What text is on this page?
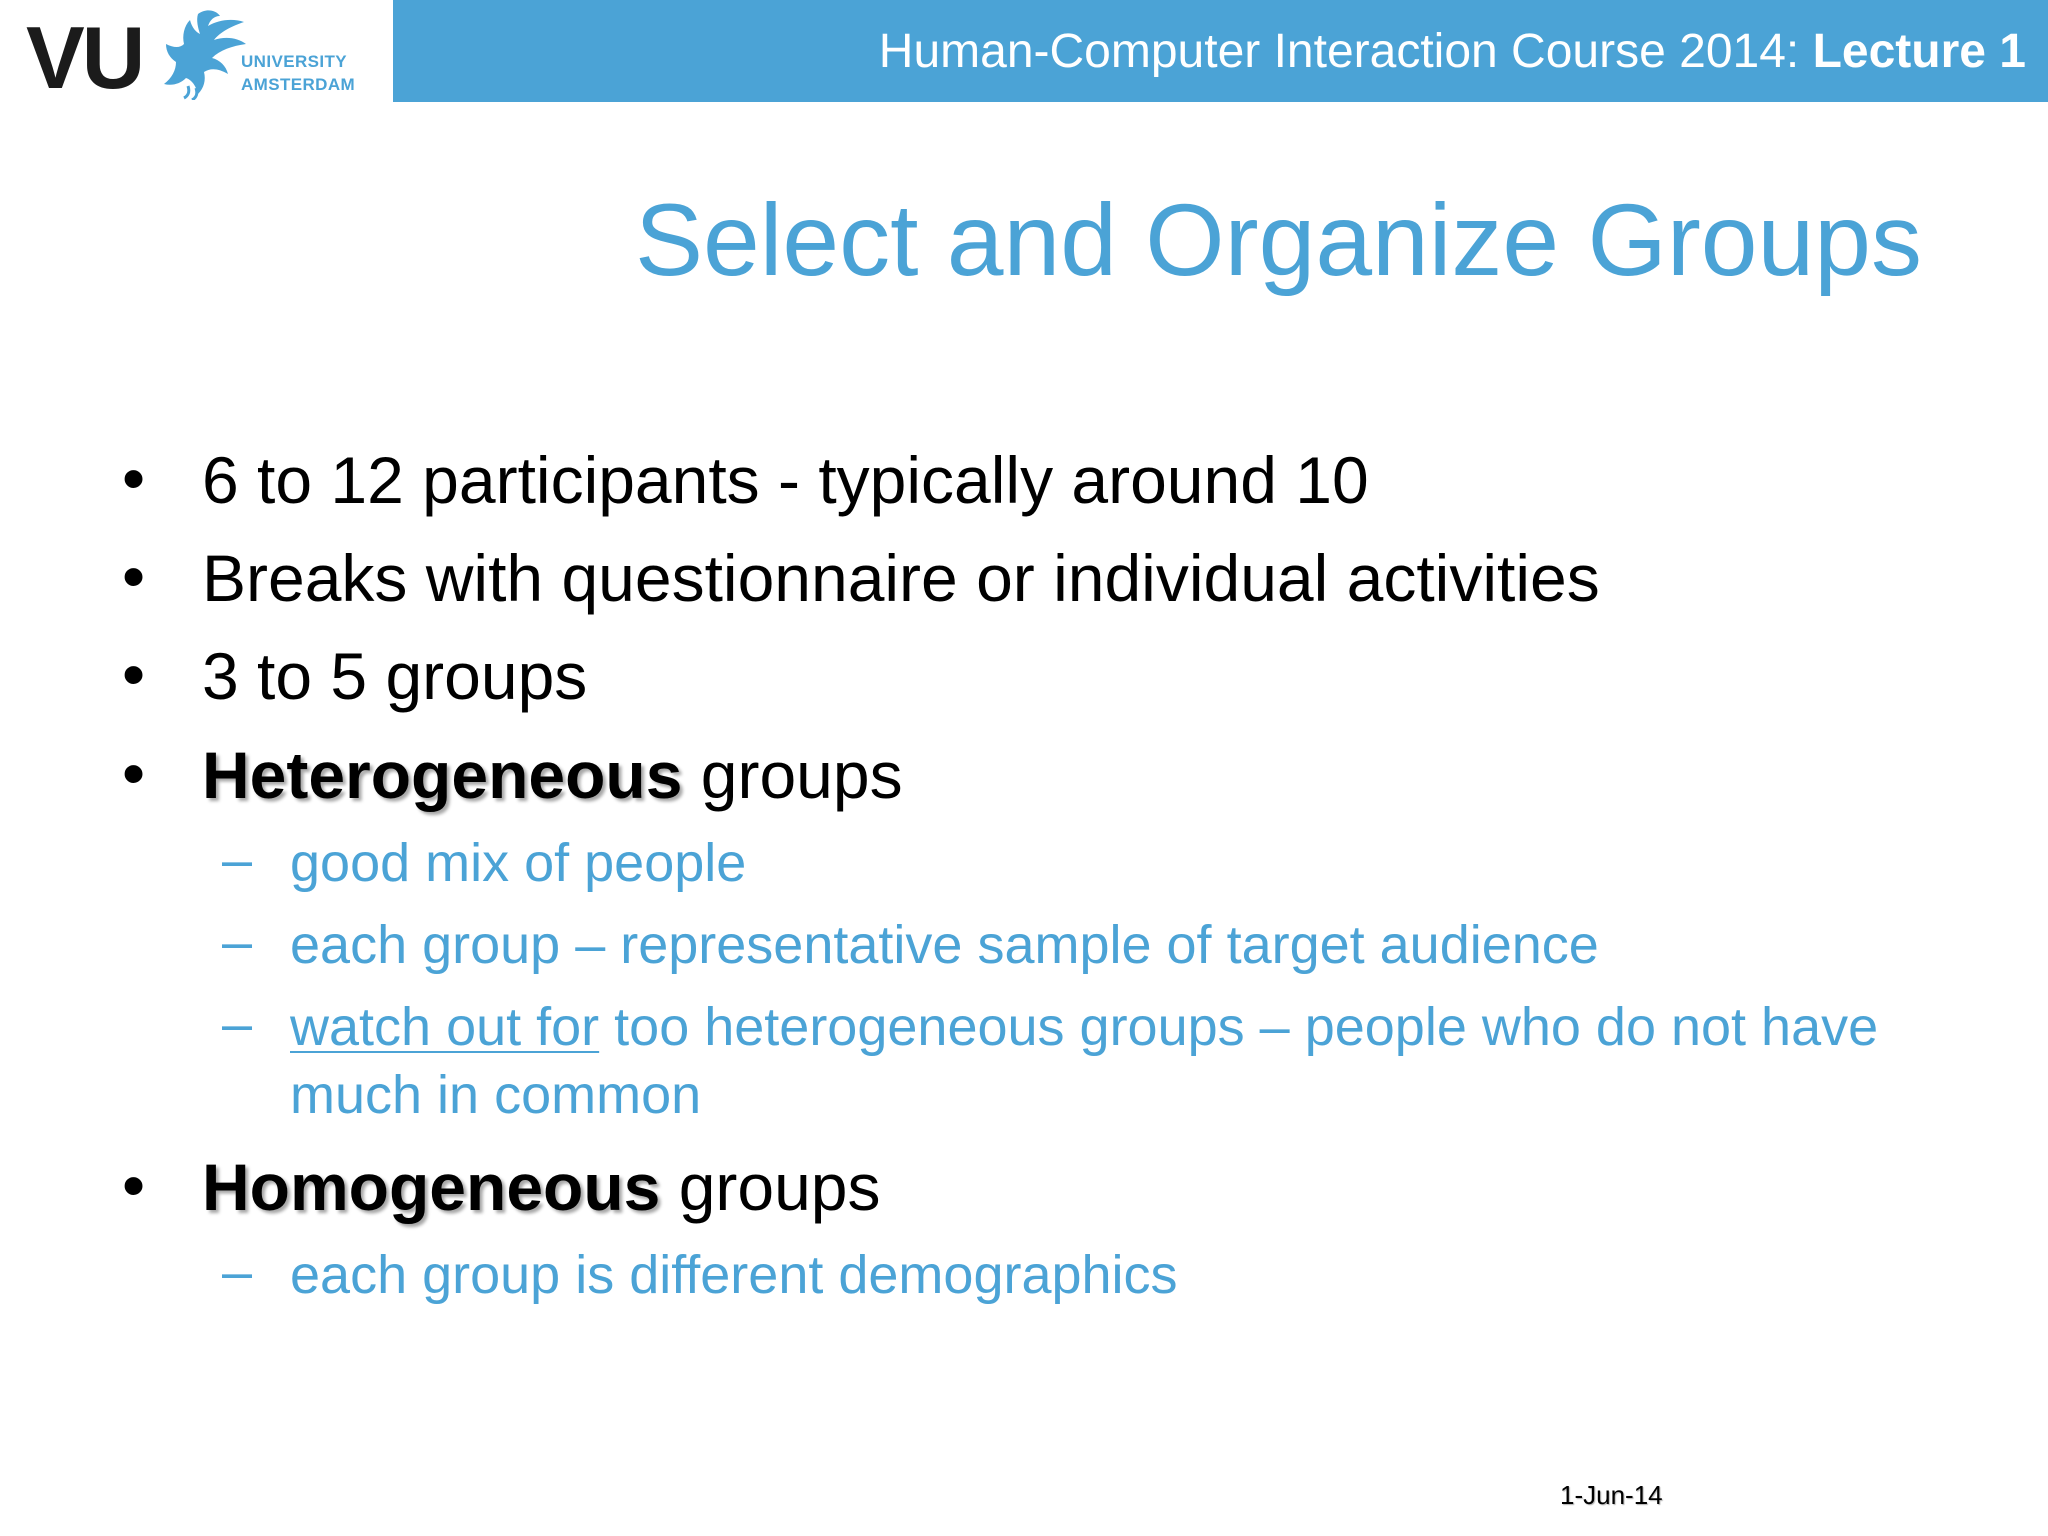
VU	UNIVERSITY
AMSTERDAM
Human-Computer Interaction Course 2014: Lecture 1
Select and Organize Groups
• 6 to 12 participants - typically around 10
• Breaks with questionnaire or individual activities
• 3 to 5 groups
• Heterogeneous groups
– good mix of people
– each group – representative sample of target audience
– watch out for too heterogeneous groups – people who do not have
much in common
• Homogeneous groups
– each group is different demographics
1-Jun-14
